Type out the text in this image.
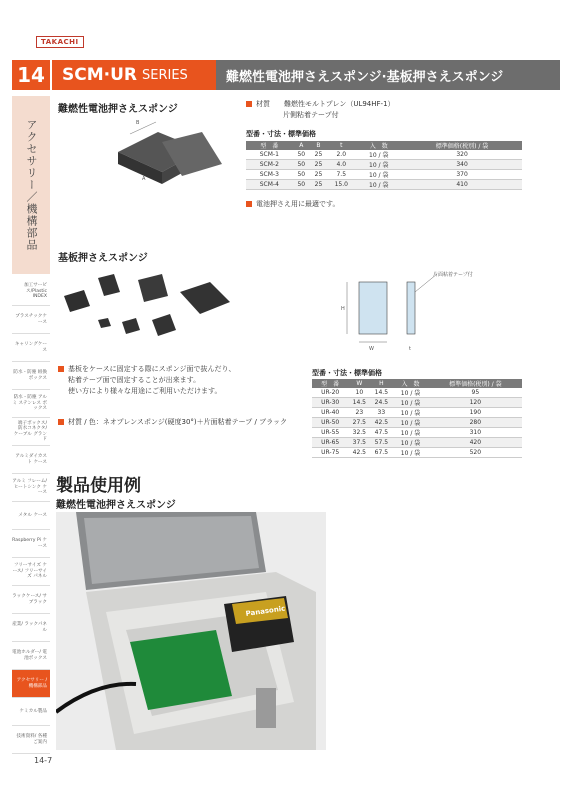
TAKACHI
14 SCM·UR SERIES	難燃性電池押さえスポンジ·基板押さえスポンジ
アクセサリー／機構部品
加工サービス/Plastic INDEX
プラスチックケース
キャリングケース
防水・防塵 組換ボックス
防水・防塵 アルミ ステンレス ボックス
端子ボックス/ 防水コネクタ/ ケーブル グランド
アルミダイカスト ケース
アルミ フレーム/ ヒートシンク ケース
メタル ケース
Raspberry Pi ケース
フリーサイズ ケース/ フリーサイズ パネル
ラックケース/ サブラック
産業/ ラックパネル
電池ホルダー/ 電池ボックス
アクセサリー /機構部品
ケミカル製品
技術資料/ 各種ご案内
難燃性電池押さえスポンジ
B
A
材質　　 難燃性モルトプレン（UL94HF-1）
片側粘着テープ付
型番・寸法・標準価格
型　番	A	B	t	入　数	標準価格(税別) / 袋
SCM-1	50	25	2.0	10 / 袋	320
SCM-2	50	25	4.0	10 / 袋	340
SCM-3	50	25	7.5	10 / 袋	370
SCM-4	50	25	15.0	10 / 袋	410
電池押さえ用に最適です。
基板押さえスポンジ
W
H
t
片面粘着テープ付
基板をケースに固定する際にスポンジ面で抜んだり、
粘着テープ面で固定することが出来ます。
使い方により様々な用途にご利用いただけます。
材質 / 色：ネオプレンスポンジ(硬度30°)＋片面粘着テープ / ブラック
型番・寸法・標準価格
型　番	W	H	入　数	標準価格(税別) / 袋
UR-20	10	14.5	10 / 袋	95
UR-30	14.5	24.5	10 / 袋	120
UR-40	23	33	10 / 袋	190
UR-50	27.5	42.5	10 / 袋	280
UR-55	32.5	47.5	10 / 袋	310
UR-65	37.5	57.5	10 / 袋	420
UR-75	42.5	67.5	10 / 袋	520
製品使用例
難燃性電池押さえスポンジ
Panasonic
14-7
